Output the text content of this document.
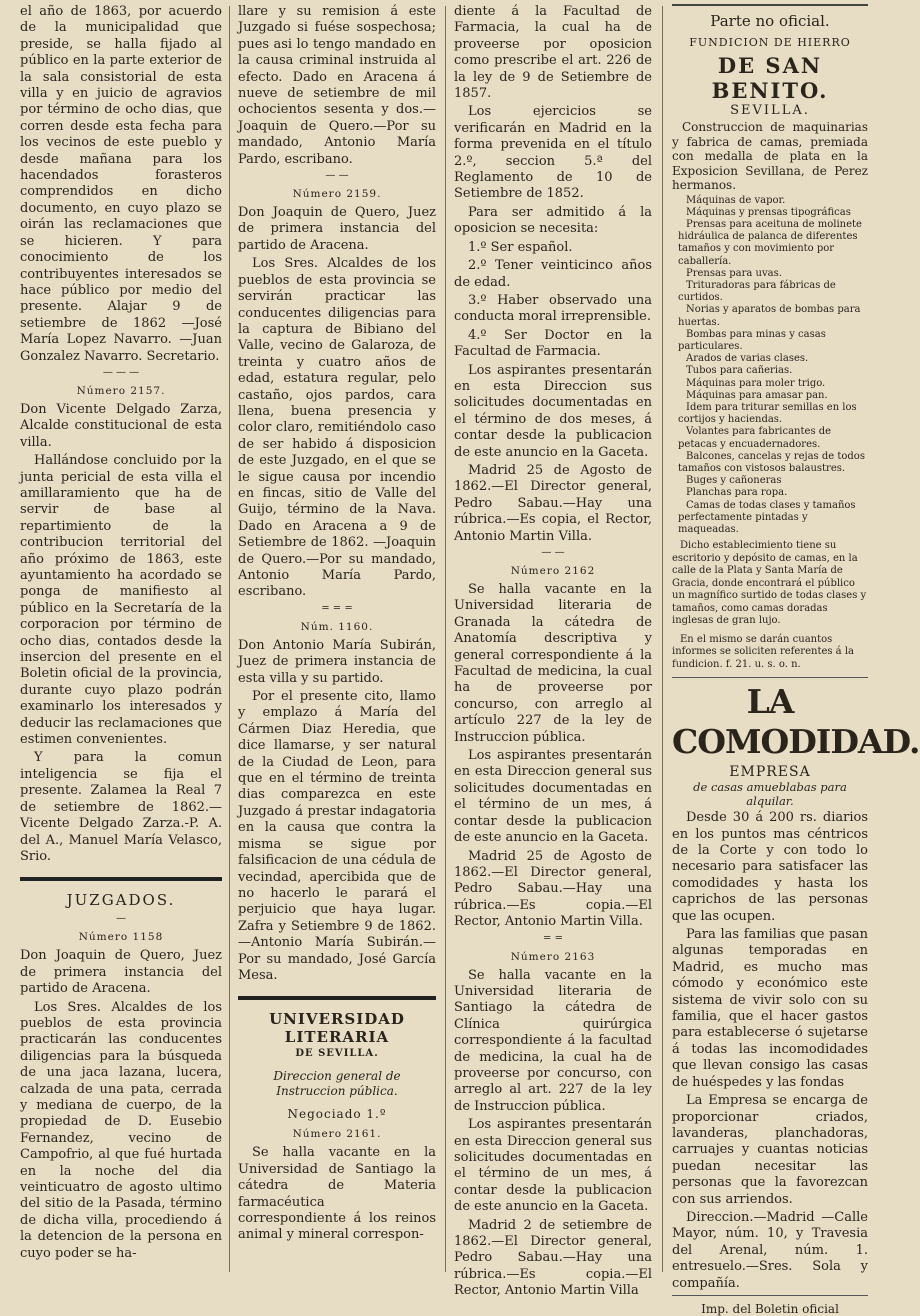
el año de 1863, por acuerdo de la municipalidad que preside, se halla fijado al público en la parte exterior de la sala consistorial de esta villa y en juicio de agravios por término de ocho dias, que corren desde esta fecha para los vecinos de este pueblo y desde mañana para los hacendados forasteros comprendidos en dicho documento, en cuyo plazo se oirán las reclamaciones que se hicieren. Y para conocimiento de los contribuyentes interesados se hace público por medio del presente. Alajar 9 de setiembre de 1862 —José María Lopez Navarro. —Juan Gonzalez Navarro. Secretario.

— — —
Número 2157.

Don Vicente Delgado Zarza, Alcalde constitucional de esta villa.

Hallándose concluido por la junta pericial de esta villa el amillaramiento que ha de servir de base al repartimiento de la contribucion territorial del año próximo de 1863, este ayuntamiento ha acordado se ponga de manifiesto al público en la Secretaría de la corporacion por término de ocho dias, contados desde la insercion del presente en el Boletin oficial de la provincia, durante cuyo plazo podrán examinarlo los interesados y deducir las reclamaciones que estimen convenientes.

Y para la comun inteligencia se fija el presente. Zalamea la Real 7 de setiembre de 1862.—Vicente Delgado Zarza.-P. A. del A., Manuel María Velasco, Srio.

JUZGADOS.
—
Número 1158

Don Joaquin de Quero, Juez de primera instancia del partido de Aracena.

Los Sres. Alcaldes de los pueblos de esta provincia practicarán las conducentes diligencias para la búsqueda de una jaca lazana, lucera, calzada de una pata, cerrada y mediana de cuerpo, de la propiedad de D. Eusebio Fernandez, vecino de Campofrio, al que fué hurtada en la noche del dia veinticuatro de agosto ultimo del sitio de la Pasada, término de dicha villa, procediendo á la detencion de la persona en cuyo poder se ha-

llare y su remision á este Juzgado si fuése sospechosa; pues asi lo tengo mandado en la causa criminal instruida al efecto. Dado en Aracena á nueve de setiembre de mil ochocientos sesenta y dos.—Joaquin de Quero.—Por su mandado, Antonio María Pardo, escribano.

— —
Número 2159.

Don Joaquin de Quero, Juez de primera instancia del partido de Aracena.

Los Sres. Alcaldes de los pueblos de esta provincia se servirán practicar las conducentes diligencias para la captura de Bibiano del Valle, vecino de Galaroza, de treinta y cuatro años de edad, estatura regular, pelo castaño, ojos pardos, cara llena, buena presencia y color claro, remitiéndolo caso de ser habido á disposicion de este Juzgado, en el que se le sigue causa por incendio en fincas, sitio de Valle del Guijo, término de la Nava. Dado en Aracena a 9 de Setiembre de 1862. —Joaquin de Quero.—Por su mandado, Antonio María Pardo, escribano.

= = =
Núm. 1160.

Don Antonio María Subirán, Juez de primera instancia de esta villa y su partido.

Por el presente cito, llamo y emplazo á María del Cármen Diaz Heredia, que dice llamarse, y ser natural de la Ciudad de Leon, para que en el término de treinta dias comparezca en este Juzgado á prestar indagatoria en la causa que contra la misma se sigue por falsificacion de una cédula de vecindad, apercibida que de no hacerlo le parará el perjuicio que haya lugar. Zafra y Setiembre 9 de 1862.—Antonio María Subirán.—Por su mandado, José García Mesa.

UNIVERSIDAD LITERARIA
DE SEVILLA.
Direccion general de Instruccion pública.
Negociado 1.º
Número 2161.

Se halla vacante en la Universidad de Santiago la cátedra de Materia farmacéutica correspondiente á los reinos animal y mineral correspon-

diente á la Facultad de Farmacia, la cual ha de proveerse por oposicion como prescribe el art. 226 de la ley de 9 de Setiembre de 1857.

Los ejercicios se verificarán en Madrid en la forma prevenida en el título 2.º, seccion 5.ª del Reglamento de 10 de Setiembre de 1852.

Para ser admitido á la oposicion se necesita:

1.º Ser español.

2.º Tener veinticinco años de edad.

3.º Haber observado una conducta moral irreprensible.

4.º Ser Doctor en la Facultad de Farmacia.

Los aspirantes presentarán en esta Direccion sus solicitudes documentadas en el término de dos meses, á contar desde la publicacion de este anuncio en la Gaceta.

Madrid 25 de Agosto de 1862.—El Director general, Pedro Sabau.—Hay una rúbrica.—Es copia, el Rector, Antonio Martin Villa.

— —
Número 2162

Se halla vacante en la Universidad literaria de Granada la cátedra de Anatomía descriptiva y general correspondiente á la Facultad de medicina, la cual ha de proveerse por concurso, con arreglo al artículo 227 de la ley de Instruccion pública.

Los aspirantes presentarán en esta Direccion general sus solicitudes documentadas en el término de un mes, á contar desde la publicacion de este anuncio en la Gaceta.

Madrid 25 de Agosto de 1862.—El Director general, Pedro Sabau.—Hay una rúbrica.—Es copia.—El Rector, Antonio Martin Villa.

= =
Número 2163

Se halla vacante en la Universidad literaria de Santiago la cátedra de Clínica quirúrgica correspondiente á la facultad de medicina, la cual ha de proveerse por concurso, con arreglo al art. 227 de la ley de Instruccion pública.

Los aspirantes presentarán en esta Direccion general sus solicitudes documentadas en el término de un mes, á contar desde la publicacion de este anuncio en la Gaceta.

Madrid 2 de setiembre de 1862.—El Director general, Pedro Sabau.—Hay una rúbrica.—Es copia.—El Rector, Antonio Martin Villa

Parte no oficial.
FUNDICION DE HIERRO
DE SAN BENITO.
SEVILLA.

Construccion de maquinarias y fabrica de camas, premiada con medalla de plata en la Exposicion Sevillana, de Perez hermanos.

Máquinas de vapor.

Máquinas y prensas tipográficas

Prensas para aceituna de molinete hidráulica de palanca de diferentes tamaños y con movimiento por caballería.

Prensas para uvas.

Trituradoras para fábricas de curtidos.

Norias y aparatos de bombas para huertas.

Bombas para minas y casas particulares.

Arados de varias clases.

Tubos para cañerias.

Máquinas para moler trigo.

Máquinas para amasar pan.

Idem para triturar semillas en los cortijos y haciendas.

Volantes para fabricantes de petacas y encuadernadores.

Balcones, cancelas y rejas de todos tamaños con vistosos balaustres.

Buges y cañoneras

Planchas para ropa.

Camas de todas clases y tamaños perfectamente pintadas y maqueadas.

Dicho establecimiento tiene su escritorio y depósito de camas, en la calle de la Plata y Santa María de Gracia, donde encontrará el público un magnífico surtido de todas clases y tamaños, como camas doradas inglesas de gran lujo.

En el mismo se darán cuantos informes se soliciten referentes á la fundicion. f. 21. u. s. o. n.

LA COMODIDAD.
EMPRESA
de casas amueblabas para alquilar.

Desde 30 á 200 rs. diarios en los puntos mas céntricos de la Corte y con todo lo necesario para satisfacer las comodidades y hasta los caprichos de las personas que las ocupen.

Para las familias que pasan algunas temporadas en Madrid, es mucho mas cómodo y económico este sistema de vivir solo con su familia, que el hacer gastos para establecerse ó sujetarse á todas las incomodidades que llevan consigo las casas de huéspedes y las fondas

La Empresa se encarga de proporcionar criados, lavanderas, planchadoras, carruajes y cuantas noticias puedan necesitar las personas que la favorezcan con sus arriendos.

Direccion.—Madrid —Calle Mayor, núm. 10, y Travesia del Arenal, núm. 1. entresuelo.—Sres. Sola y compañía.

Imp. del Boletin oficial
